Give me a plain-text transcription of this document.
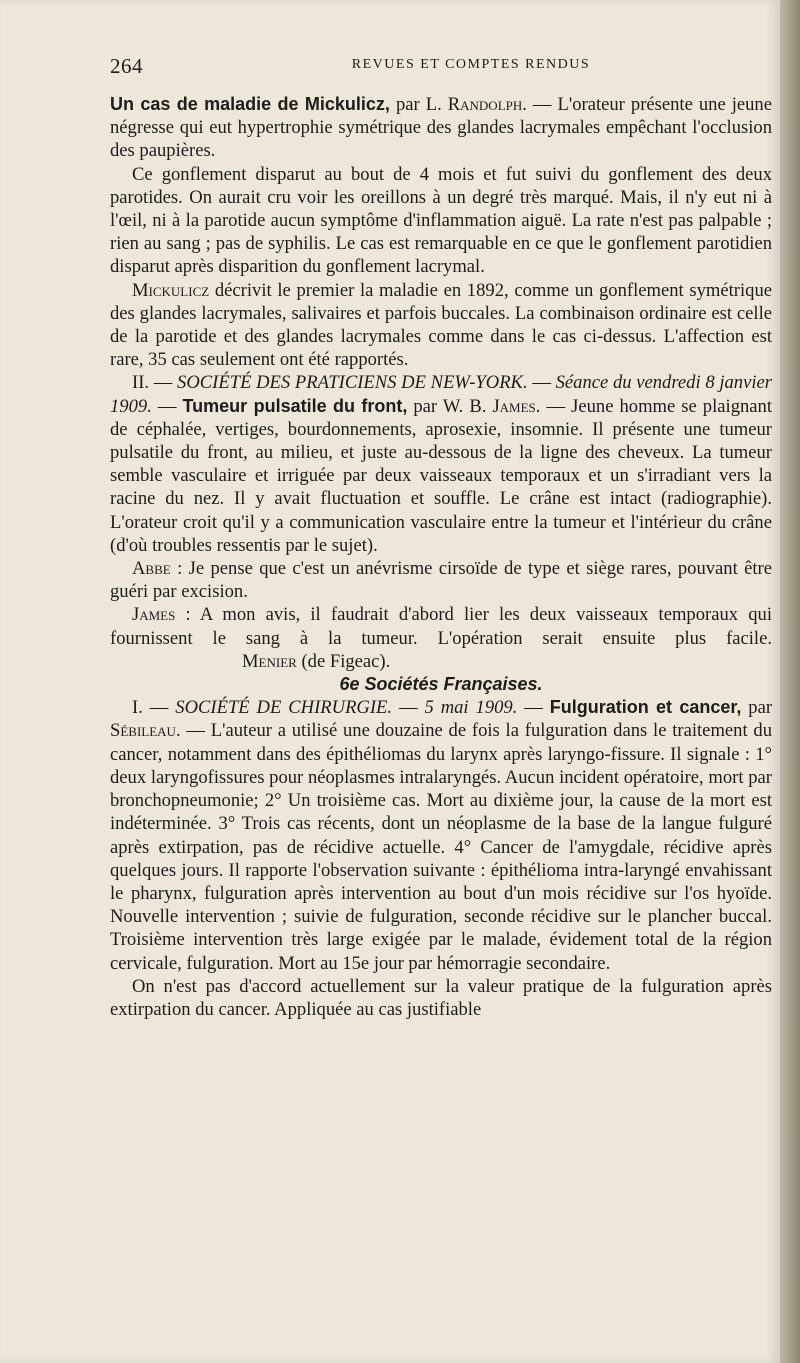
264	REVUES ET COMPTES RENDUS

Un cas de maladie de Mickulicz, par L. Randolph. — L'orateur présente une jeune négresse qui eut hypertrophie symétrique des glandes lacrymales empêchant l'occlusion des paupières.

Ce gonflement disparut au bout de 4 mois et fut suivi du gonflement des deux parotides. On aurait cru voir les oreillons à un degré très marqué. Mais, il n'y eut ni à l'œil, ni à la parotide aucun symptôme d'inflammation aiguë. La rate n'est pas palpable ; rien au sang ; pas de syphilis. Le cas est remarquable en ce que le gonflement parotidien disparut après disparition du gonflement lacrymal.

Mickulicz décrivit le premier la maladie en 1892, comme un gonflement symétrique des glandes lacrymales, salivaires et parfois buccales. La combinaison ordinaire est celle de la parotide et des glandes lacrymales comme dans le cas ci-dessus. L'affection est rare, 35 cas seulement ont été rapportés.

II. — SOCIÉTÉ DES PRATICIENS DE NEW-YORK. — Séance du vendredi 8 janvier 1909. — Tumeur pulsatile du front, par W. B. James. — Jeune homme se plaignant de céphalée, vertiges, bourdonnements, aprosexie, insomnie. Il présente une tumeur pulsatile du front, au milieu, et juste au-dessous de la ligne des cheveux. La tumeur semble vasculaire et irriguée par deux vaisseaux temporaux et un s'irradiant vers la racine du nez. Il y avait fluctuation et souffle. Le crâne est intact (radiographie). L'orateur croit qu'il y a communication vasculaire entre la tumeur et l'intérieur du crâne (d'où troubles ressentis par le sujet).

Abbe : Je pense que c'est un anévrisme cirsoïde de type et siège rares, pouvant être guéri par excision.

James : A mon avis, il faudrait d'abord lier les deux vaisseaux temporaux qui fournissent le sang à la tumeur. L'opération serait ensuite plus facile.Menier (de Figeac).

6e Sociétés Françaises.

I. — SOCIÉTÉ DE CHIRURGIE. — 5 mai 1909. — Fulguration et cancer, par Sébileau. — L'auteur a utilisé une douzaine de fois la fulguration dans le traitement du cancer, notamment dans des épithéliomas du larynx après laryngo-fissure. Il signale : 1° deux laryngofissures pour néoplasmes intralaryngés. Aucun incident opératoire, mort par bronchopneumonie; 2° Un troisième cas. Mort au dixième jour, la cause de la mort est indéterminée. 3° Trois cas récents, dont un néoplasme de la base de la langue fulguré après extirpation, pas de récidive actuelle. 4° Cancer de l'amygdale, récidive après quelques jours. Il rapporte l'observation suivante : épithélioma intra-laryngé envahissant le pharynx, fulguration après intervention au bout d'un mois récidive sur l'os hyoïde. Nouvelle intervention ; suivie de fulguration, seconde récidive sur le plancher buccal. Troisième intervention très large exigée par le malade, évidement total de la région cervicale, fulguration. Mort au 15e jour par hémorragie secondaire.

On n'est pas d'accord actuellement sur la valeur pratique de la fulguration après extirpation du cancer. Appliquée au cas justifiable
